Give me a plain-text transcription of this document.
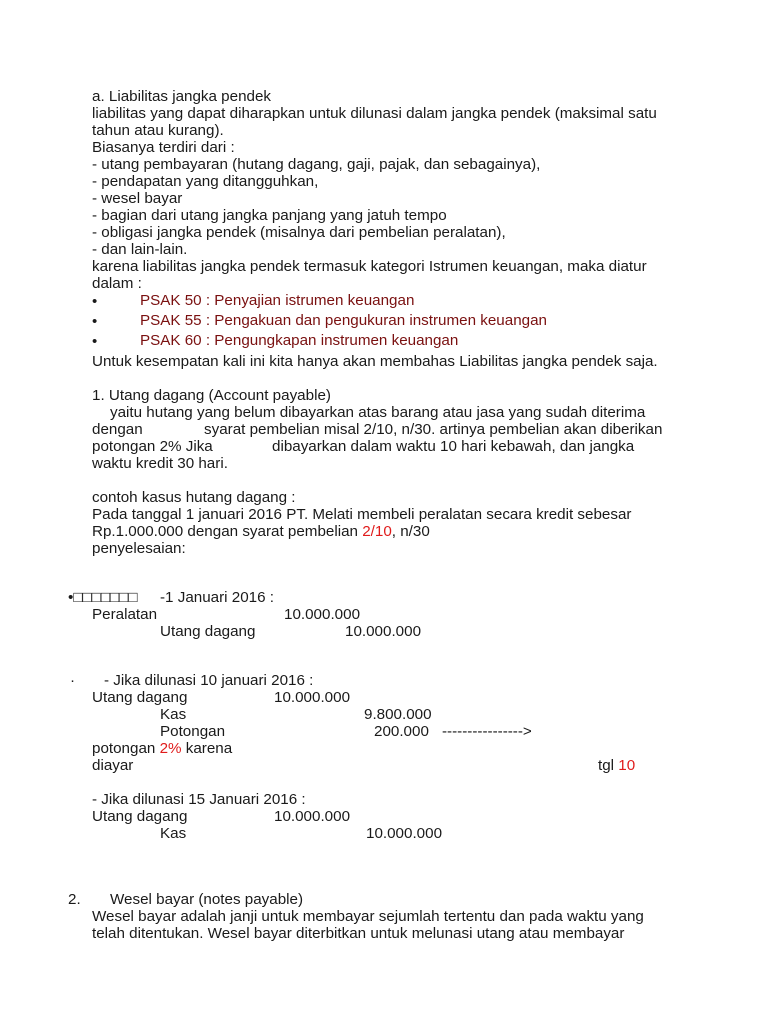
a. Liabilitas jangka pendek
liabilitas yang dapat diharapkan untuk dilunasi dalam jangka pendek (maksimal satu
tahun atau kurang).
Biasanya terdiri dari :
- utang pembayaran (hutang dagang, gaji, pajak, dan sebagainya),
- pendapatan yang ditangguhkan,
- wesel bayar
- bagian dari utang jangka panjang yang jatuh tempo
- obligasi jangka pendek (misalnya dari pembelian peralatan),
- dan lain-lain.
karena liabilitas jangka pendek termasuk kategori Istrumen keuangan, maka diatur
dalam :
•	PSAK 50 : Penyajian istrumen keuangan
•	PSAK 55 : Pengakuan dan pengukuran instrumen keuangan
•	PSAK 60 : Pengungkapan instrumen keuangan
Untuk kesempatan kali ini kita hanya akan membahas Liabilitas jangka pendek saja.
1. Utang dagang (Account payable)
yaitu hutang yang belum dibayarkan atas barang atau jasa yang sudah diterima
dengan	syarat pembelian misal 2/10, n/30. artinya pembelian akan diberikan
potongan 2% Jika	dibayarkan dalam waktu 10 hari kebawah, dan jangka
waktu kredit 30 hari.
contoh kasus hutang dagang :
Pada tanggal 1 januari 2016 PT. Melati membeli peralatan secara kredit sebesar
Rp.1.000.000 dengan syarat pembelian 2/10, n/30
penyelesaian:
•□□□□□□□ -1 Januari 2016 :
Peralatan	10.000.000
Utang dagang	10.000.000
· - Jika dilunasi 10 januari 2016 :
Utang dagang	10.000.000
Kas	9.800.000
Potongan	200.000 ---------------->
potongan 2% karena
diayar	tgl 10
- Jika dilunasi 15 Januari 2016 :
Utang dagang	10.000.000
Kas	10.000.000
2. Wesel bayar (notes payable)
Wesel bayar adalah janji untuk membayar sejumlah tertentu dan pada waktu yang
telah ditentukan. Wesel bayar diterbitkan untuk melunasi utang atau membayar
